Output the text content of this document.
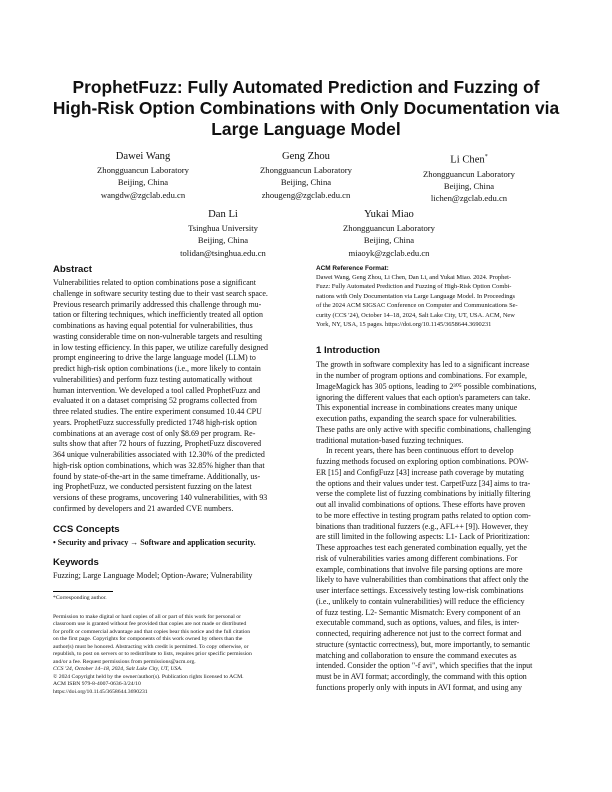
ProphetFuzz: Fully Automated Prediction and Fuzzing of
High-Risk Option Combinations with Only Documentation via
Large Language Model
Dawei Wang
Zhongguancun Laboratory
Beijing, China
wangdw@zgclab.edu.cn
Geng Zhou
Zhongguancun Laboratory
Beijing, China
zhougeng@zgclab.edu.cn
Li Chen*
Zhongguancun Laboratory
Beijing, China
lichen@zgclab.edu.cn
Dan Li
Tsinghua University
Beijing, China
tolidan@tsinghua.edu.cn
Yukai Miao
Zhongguancun Laboratory
Beijing, China
miaoyk@zgclab.edu.cn
Abstract
Vulnerabilities related to option combinations pose a significant
challenge in software security testing due to their vast search space.
Previous research primarily addressed this challenge through mu-
tation or filtering techniques, which inefficiently treated all option
combinations as having equal potential for vulnerabilities, thus
wasting considerable time on non-vulnerable targets and resulting
in low testing efficiency. In this paper, we utilize carefully designed
prompt engineering to drive the large language model (LLM) to
predict high-risk option combinations (i.e., more likely to contain
vulnerabilities) and perform fuzz testing automatically without
human intervention. We developed a tool called ProphetFuzz and
evaluated it on a dataset comprising 52 programs collected from
three related studies. The entire experiment consumed 10.44 CPU
years. ProphetFuzz successfully predicted 1748 high-risk option
combinations at an average cost of only $8.69 per program. Re-
sults show that after 72 hours of fuzzing, ProphetFuzz discovered
364 unique vulnerabilities associated with 12.30% of the predicted
high-risk option combinations, which was 32.85% higher than that
found by state-of-the-art in the same timeframe. Additionally, us-
ing ProphetFuzz, we conducted persistent fuzzing on the latest
versions of these programs, uncovering 140 vulnerabilities, with 93
confirmed by developers and 21 awarded CVE numbers.
CCS Concepts

• Security and privacy → Software and application security.

Keywords

Fuzzing; Large Language Model; Option-Aware; Vulnerability

*Corresponding author.

Permission to make digital or hard copies of all or part of this work for personal or

classroom use is granted without fee provided that copies are not made or distributed

for profit or commercial advantage and that copies bear this notice and the full citation

on the first page. Copyrights for components of this work owned by others than the

author(s) must be honored. Abstracting with credit is permitted. To copy otherwise, or

republish, to post on servers or to redistribute to lists, requires prior specific permission

and/or a fee. Request permissions from permissions@acm.org.

CCS '24, October 14–18, 2024, Salt Lake City, UT, USA.

© 2024 Copyright held by the owner/author(s). Publication rights licensed to ACM.

ACM ISBN 979-8-4007-0636-3/24/10

https://doi.org/10.1145/3658644.3690231

ACM Reference Format:

Dawei Wang, Geng Zhou, Li Chen, Dan Li, and Yukai Miao. 2024. Prophet-
Fuzz: Fully Automated Prediction and Fuzzing of High-Risk Option Combi-
nations with Only Documentation via Large Language Model. In Proceedings
of the 2024 ACM SIGSAC Conference on Computer and Communications Se-
curity (CCS '24), October 14–18, 2024, Salt Lake City, UT, USA. ACM, New
York, NY, USA, 15 pages. https://doi.org/10.1145/3658644.3690231
1 Introduction
The growth in software complexity has led to a significant increase
in the number of program options and combinations. For example,
ImageMagick has 305 options, leading to 2³⁰⁵ possible combinations,
ignoring the different values that each option's parameters can take.
This exponential increase in combinations creates many unique
execution paths, expanding the search space for vulnerabilities.
These paths are only active with specific combinations, challenging
traditional mutation-based fuzzing techniques.
In recent years, there has been continuous effort to develop
fuzzing methods focused on exploring option combinations. POW-
ER [15] and ConfigFuzz [43] increase path coverage by mutating
the options and their values under test. CarpetFuzz [34] aims to tra-
verse the complete list of fuzzing combinations by initially filtering
out all invalid combinations of options. These efforts have proven
to be more effective in testing program paths related to option com-
binations than traditional fuzzers (e.g., AFL++ [9]). However, they
are still limited in the following aspects: L1- Lack of Prioritization:
These approaches test each generated combination equally, yet the
risk of vulnerabilities varies among different combinations. For
example, combinations that involve file parsing options are more
likely to have vulnerabilities than combinations that affect only the
user interface settings. Excessively testing low-risk combinations
(i.e., unlikely to contain vulnerabilities) will reduce the efficiency
of fuzz testing. L2- Semantic Mismatch: Every component of an
executable command, such as options, values, and files, is inter-
connected, requiring adherence not just to the correct format and
structure (syntactic correctness), but, more importantly, to semantic
matching and collaboration to ensure the command executes as
intended. Consider the option "-f avi", which specifies that the input
must be in AVI format; accordingly, the command with this option
functions properly only with inputs in AVI format, and using any
